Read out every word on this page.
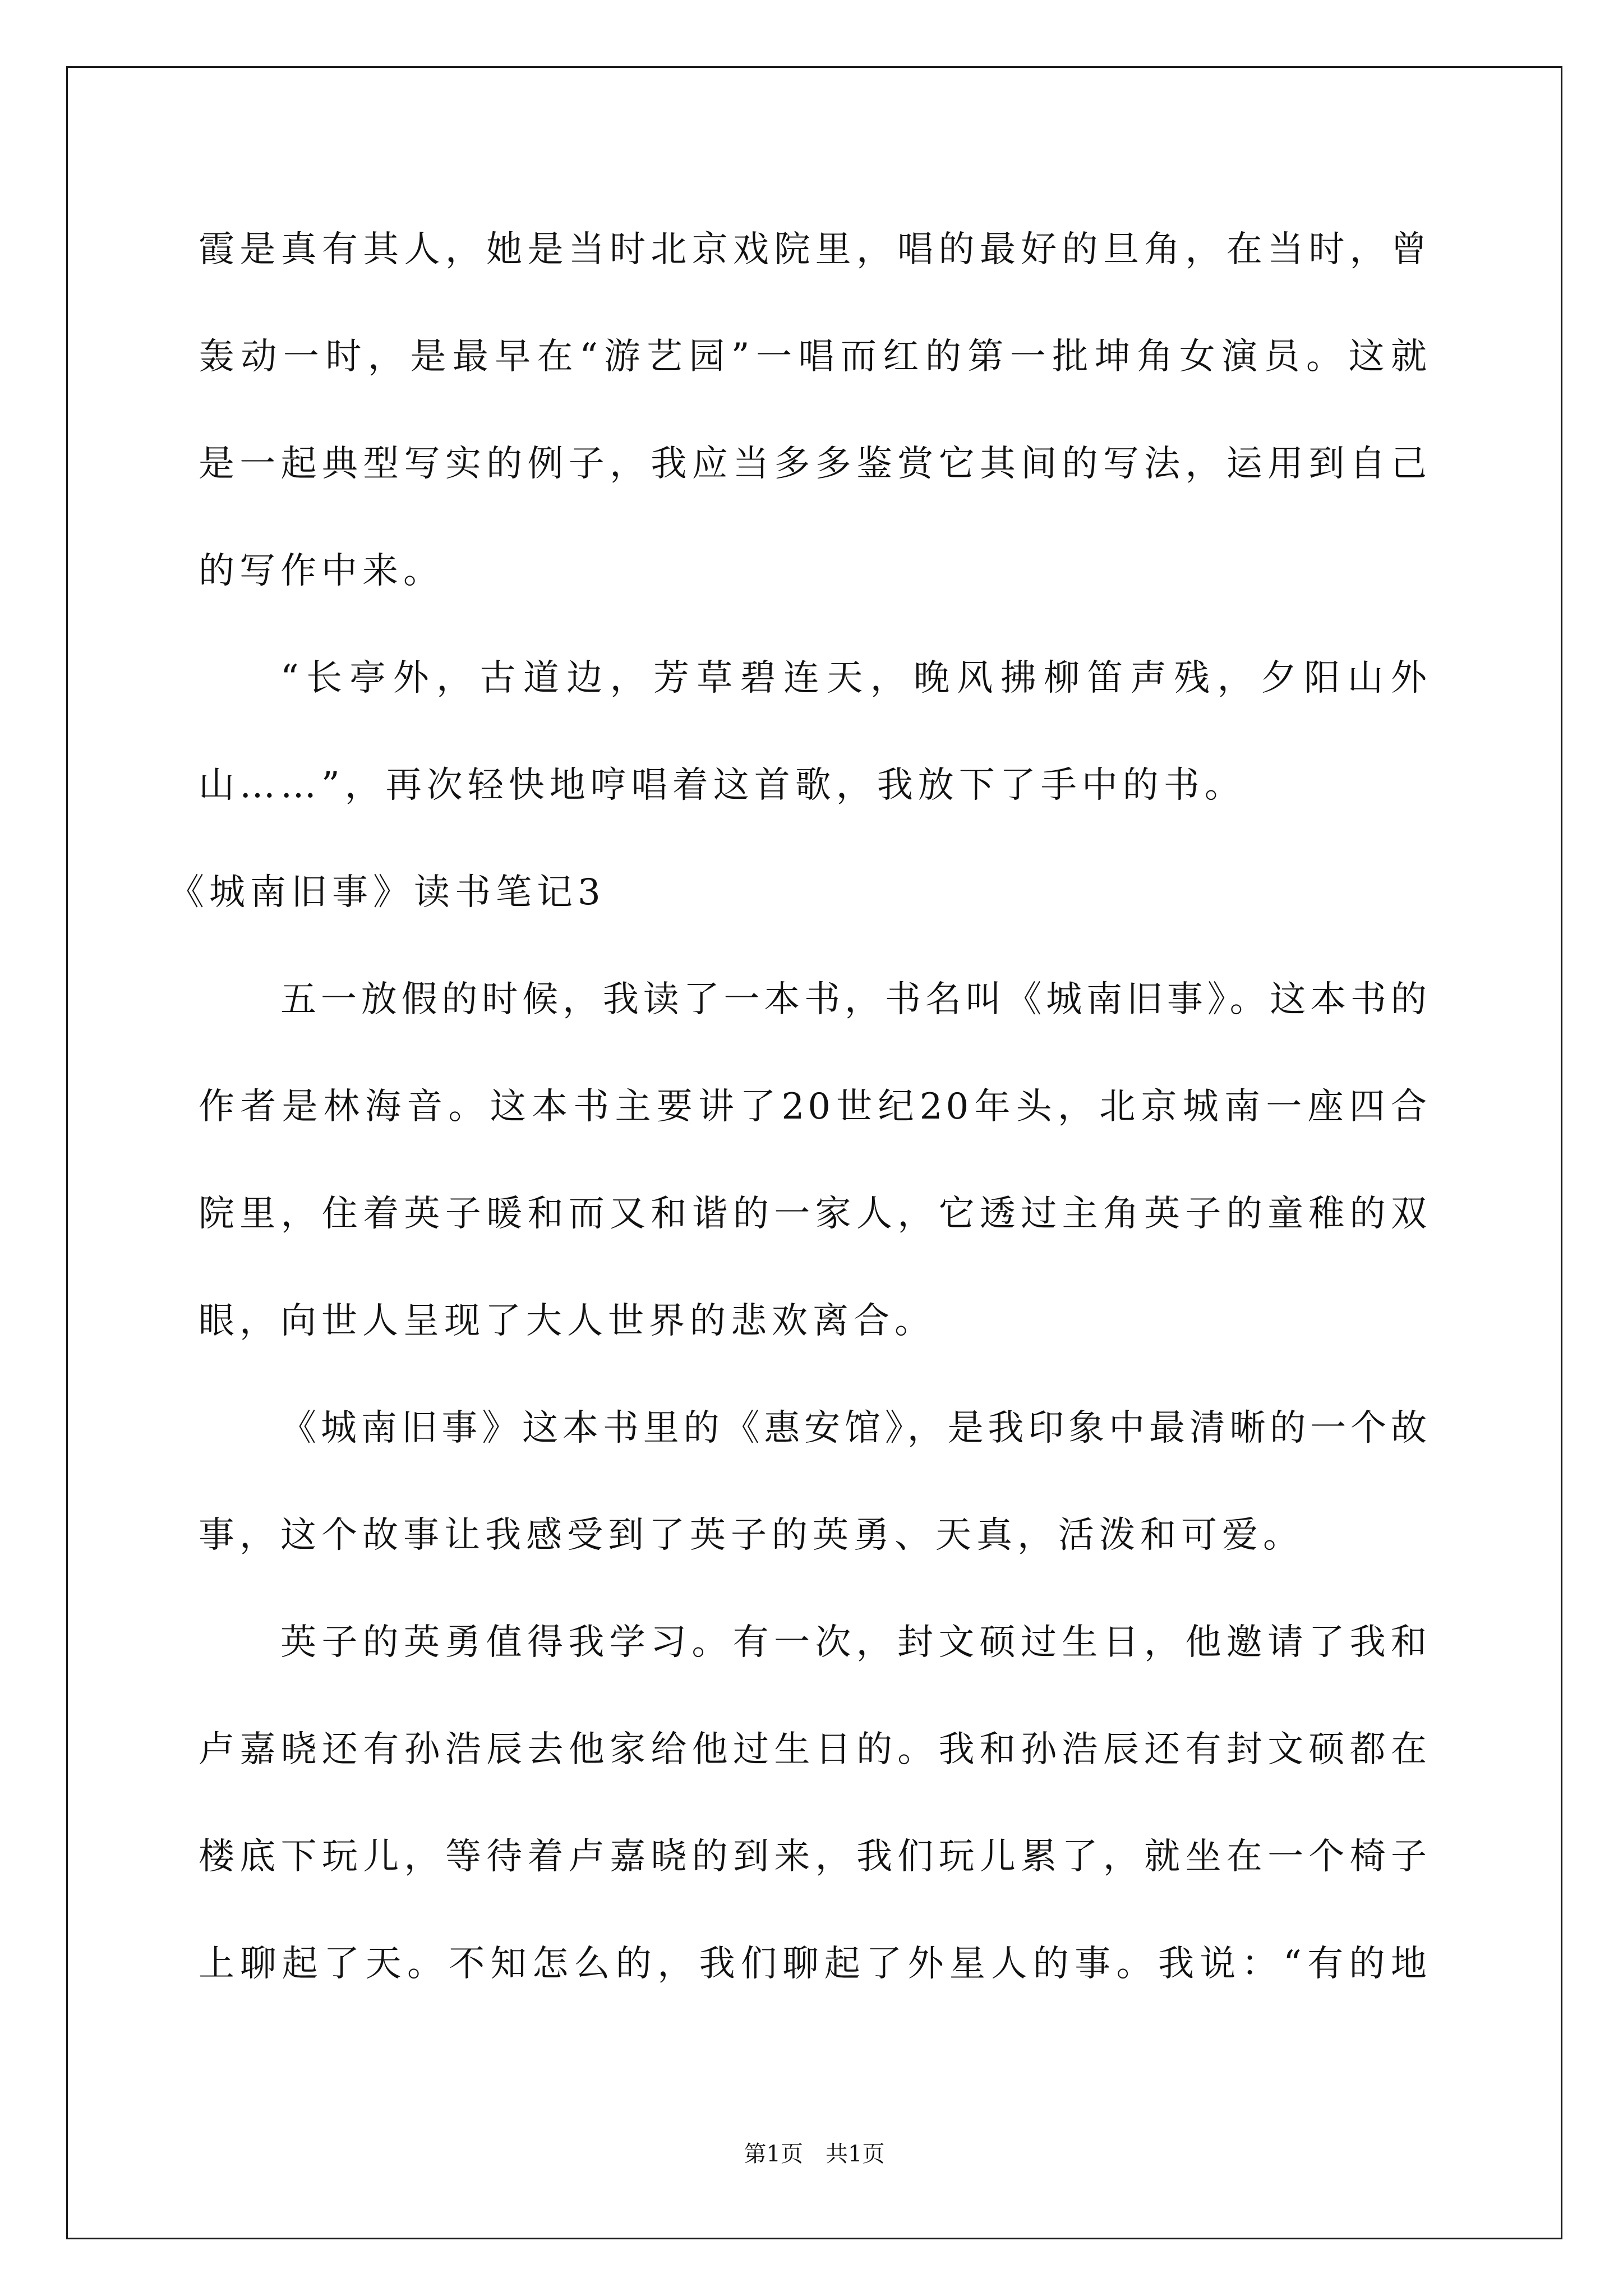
霞是真有其人，她是当时北京戏院里，唱的最好的旦角，在当时，曾
轰动一时，是最早在“游艺园”一唱而红的第一批坤角女演员。这就
是一起典型写实的例子，我应当多多鉴赏它其间的写法，运用到自己
的写作中来。
“长亭外，古道边，芳草碧连天，晚风拂柳笛声残，夕阳山外
山……”，再次轻快地哼唱着这首歌，我放下了手中的书。
《城南旧事》读书笔记3
五一放假的时候，我读了一本书，书名叫《城南旧事》。这本书的
作者是林海音。这本书主要讲了20世纪20年头，北京城南一座四合
院里，住着英子暖和而又和谐的一家人，它透过主角英子的童稚的双
眼，向世人呈现了大人世界的悲欢离合。
《城南旧事》这本书里的《惠安馆》，是我印象中最清晰的一个故
事，这个故事让我感受到了英子的英勇、天真，活泼和可爱。
英子的英勇值得我学习。有一次，封文硕过生日，他邀请了我和
卢嘉晓还有孙浩辰去他家给他过生日的。我和孙浩辰还有封文硕都在
楼底下玩儿，等待着卢嘉晓的到来，我们玩儿累了，就坐在一个椅子
上聊起了天。不知怎么的，我们聊起了外星人的事。我说：“有的地
第1页　共1页
